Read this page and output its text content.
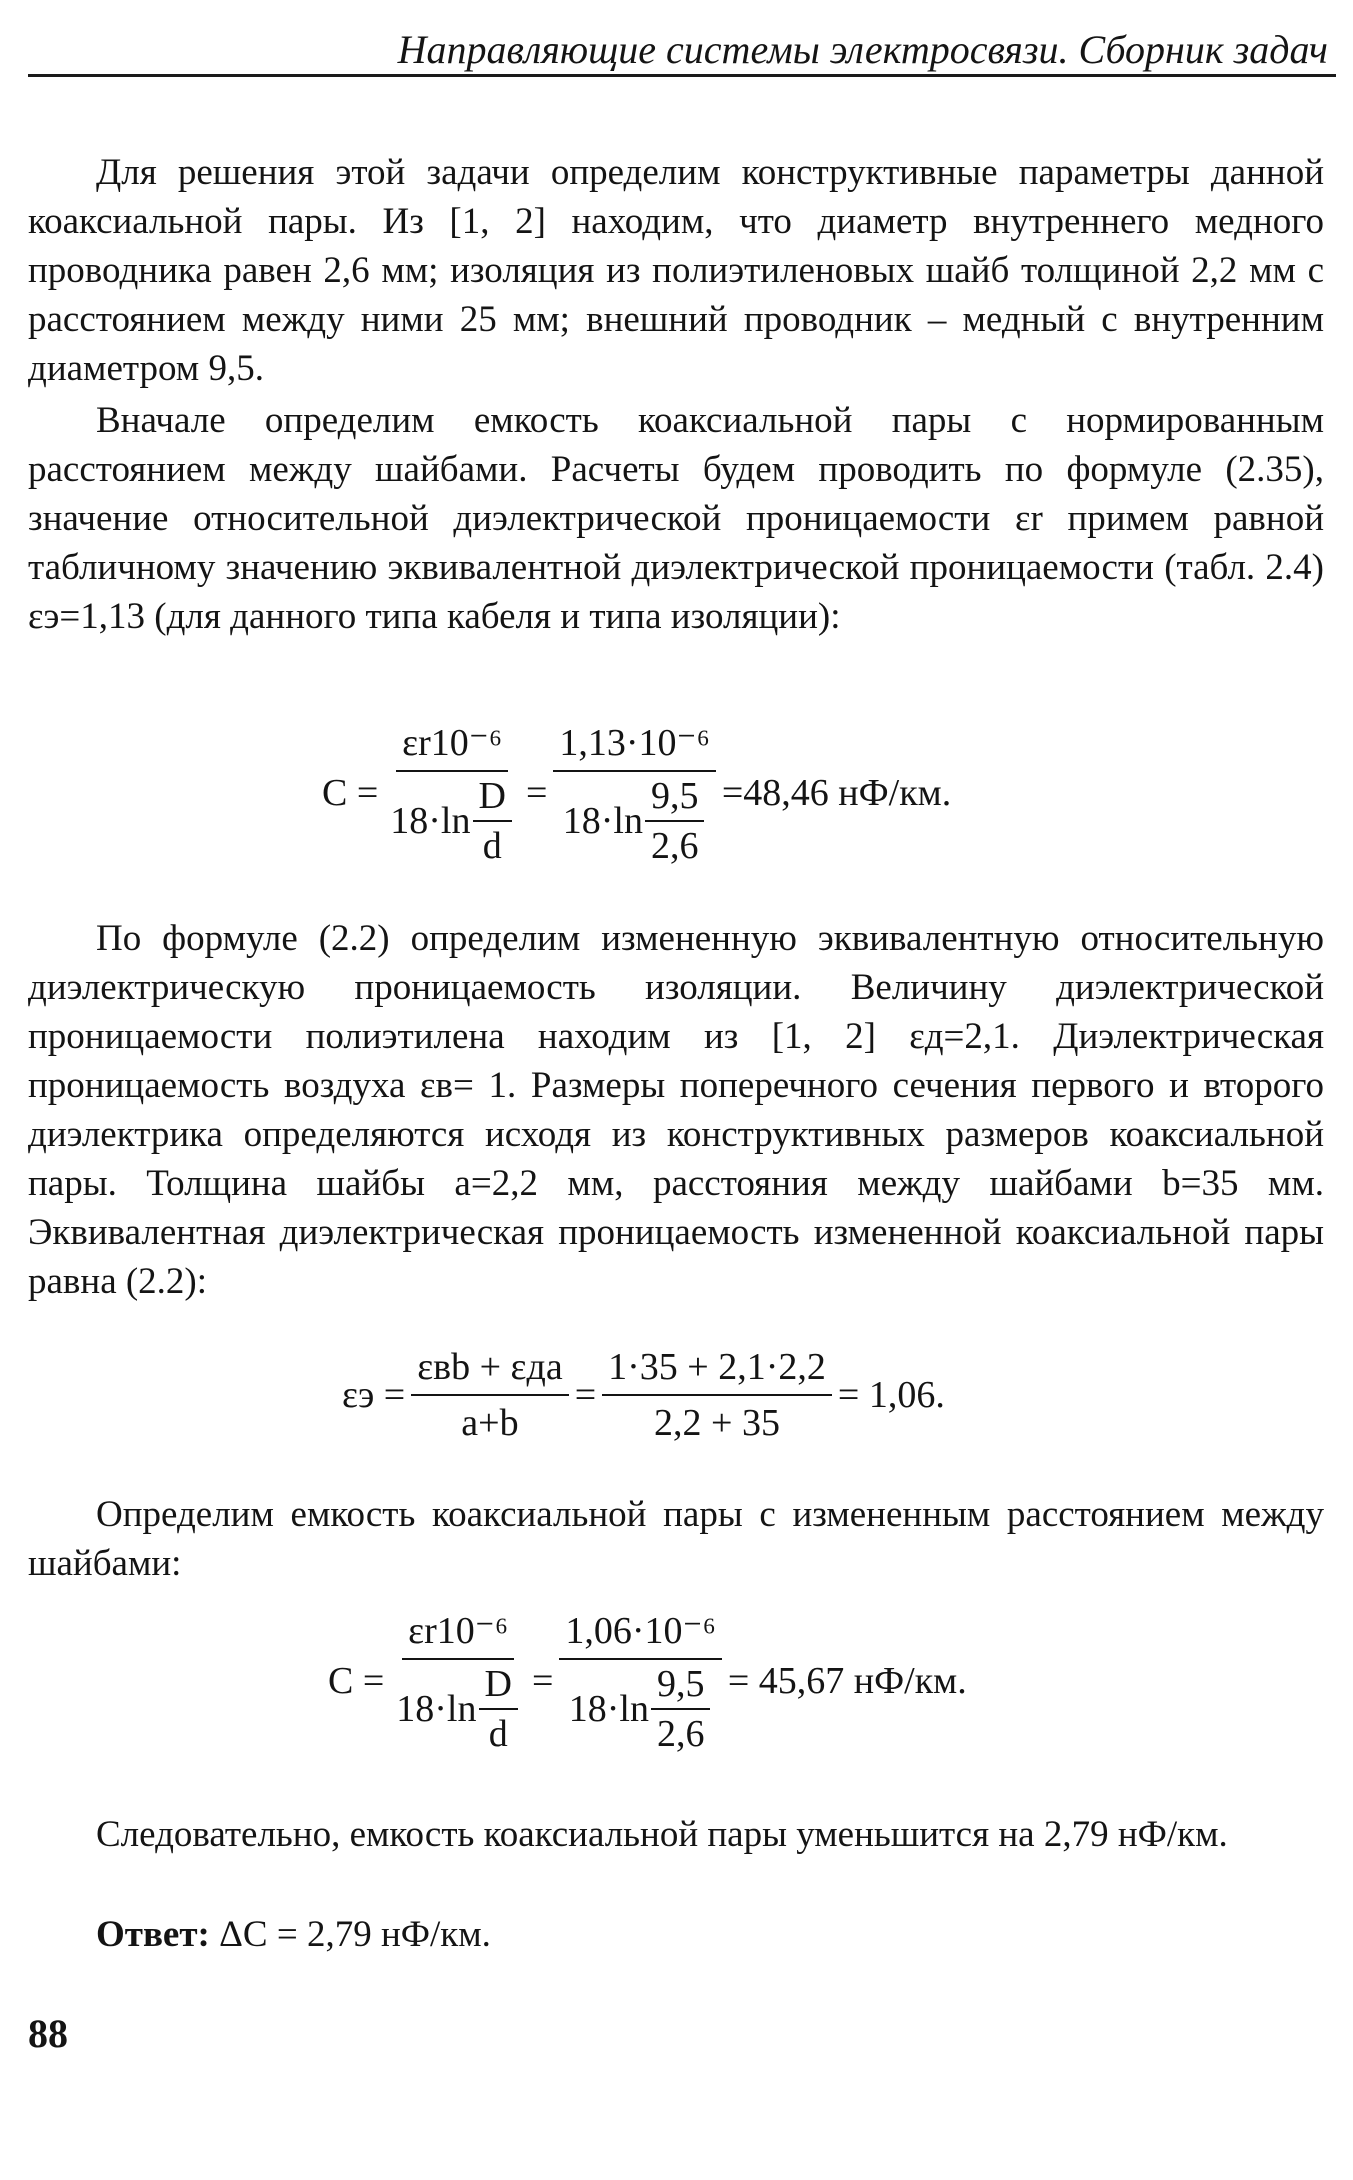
Направляющие системы электросвязи. Сборник задач

Для решения этой задачи определим конструктивные параметры данной коаксиальной пары. Из [1, 2] находим, что диаметр внутреннего медного проводника равен 2,6 мм; изоляция из полиэтиленовых шайб толщиной 2,2 мм с расстоянием между ними 25 мм; внешний проводник – медный с внутренним диаметром 9,5.

Вначале определим емкость коаксиальной пары с нормированным расстоянием между шайбами. Расчеты будем проводить по формуле (2.35), значение относительной диэлектрической проницаемости εr примем равной табличному значению эквивалентной диэлектрической проницаемости (табл. 2.4) εэ=1,13 (для данного типа кабеля и типа изоляции):

$C = \frac{\text{εr10⁻⁶}}{18\cdot\ln \frac{D}{d}} = \frac{\text{1,13·10⁻⁶}}{18\cdot\ln \frac{9,5}{2,6}} =48,46$ нФ/км.

По формуле (2.2) определим измененную эквивалентную относительную диэлектрическую проницаемость изоляции. Величину диэлектрической проницаемости полиэтилена находим из [1, 2] εд=2,1. Диэлектрическая проницаемость воздуха εв= 1. Размеры поперечного сечения первого и второго диэлектрика определяются исходя из конструктивных размеров коаксиальной пары. Толщина шайбы a=2,2 мм, расстояния между шайбами b=35 мм. Эквивалентная диэлектрическая проницаемость измененной коаксиальной пары равна (2.2):

$\varepsilon э = \frac{\text{εвb + εдa}}{a+b} = \frac{1\cdot 35 + 2,1\cdot 2,2}{2,2 + 35} = 1,06$.

Определим емкость коаксиальной пары с измененным расстоянием между шайбами:

$C = \frac{\text{εr10⁻⁶}}{18\cdot\ln \frac{D}{d}} = \frac{\text{1,06·10⁻⁶}}{18\cdot\ln \frac{9,5}{2,6}} = 45,67$ нФ/км.

Следовательно, емкость коаксиальной пары уменьшится на 2,79 нФ/км.

Ответ: ΔC = 2,79 нФ/км.

88
